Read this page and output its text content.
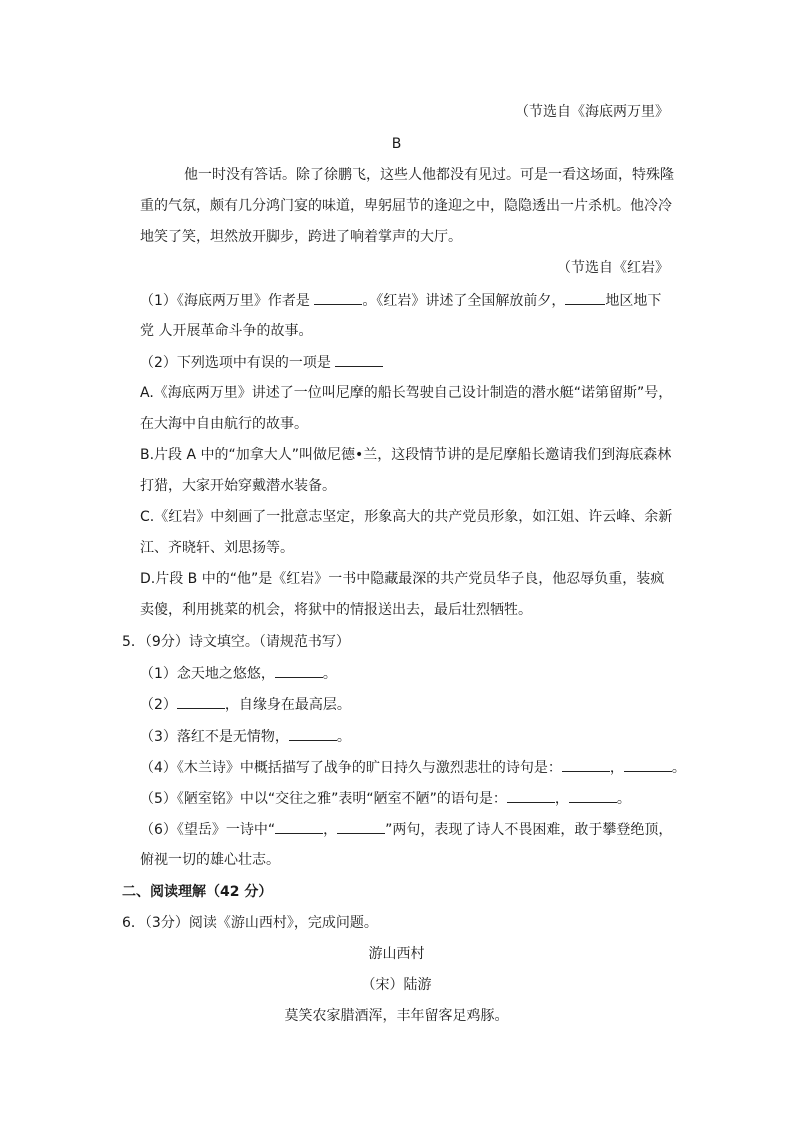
（节选自《海底两万里》
B
他一时没有答话。除了徐鹏飞，这些人他都没有见过。可是一看这场面，特殊隆
重的气氛，颇有几分鸿门宴的味道，卑躬屈节的逢迎之中，隐隐透出一片杀机。他冷冷
地笑了笑，坦然放开脚步，跨进了响着掌声的大厅。
（节选自《红岩》
（1）《海底两万里》作者是	。《红岩》讲述了全国解放前夕，	地区地下
党 人开展革命斗争的故事。
（2）下列选项中有误的一项是
A.《海底两万里》讲述了一位叫尼摩的船长驾驶自己设计制造的潜水艇“诺第留斯”号，
在大海中自由航行的故事。
B.片段 A 中的“加拿大人”叫做尼德•兰，这段情节讲的是尼摩船长邀请我们到海底森林
打猎，大家开始穿戴潜水装备。
C.《红岩》中刻画了一批意志坚定，形象高大的共产党员形象，如江姐、许云峰、余新
江、齐晓轩、刘思扬等。
D.片段 B 中的“他”是《红岩》一书中隐藏最深的共产党员华子良，他忍辱负重，装疯
卖傻，利用挑菜的机会，将狱中的情报送出去，最后壮烈牺牲。
5．（9分）诗文填空。（请规范书写）
（1）念天地之悠悠，	。
（2）	，自缘身在最高层。
（3）落红不是无情物，	。
（4）《木兰诗》中概括描写了战争的旷日持久与激烈悲壮的诗句是：	，	。
（5）《陋室铭》中以“交往之雅”表明“陋室不陋”的语句是：	，	。
（6）《望岳》一诗中“	，	”两句，表现了诗人不畏困难，敢于攀登绝顶，
俯视一切的雄心壮志。
二、阅读理解（42 分）
6．（3分）阅读《游山西村》，完成问题。
游山西村
（宋）陆游
莫笑农家腊酒浑，丰年留客足鸡豚。
